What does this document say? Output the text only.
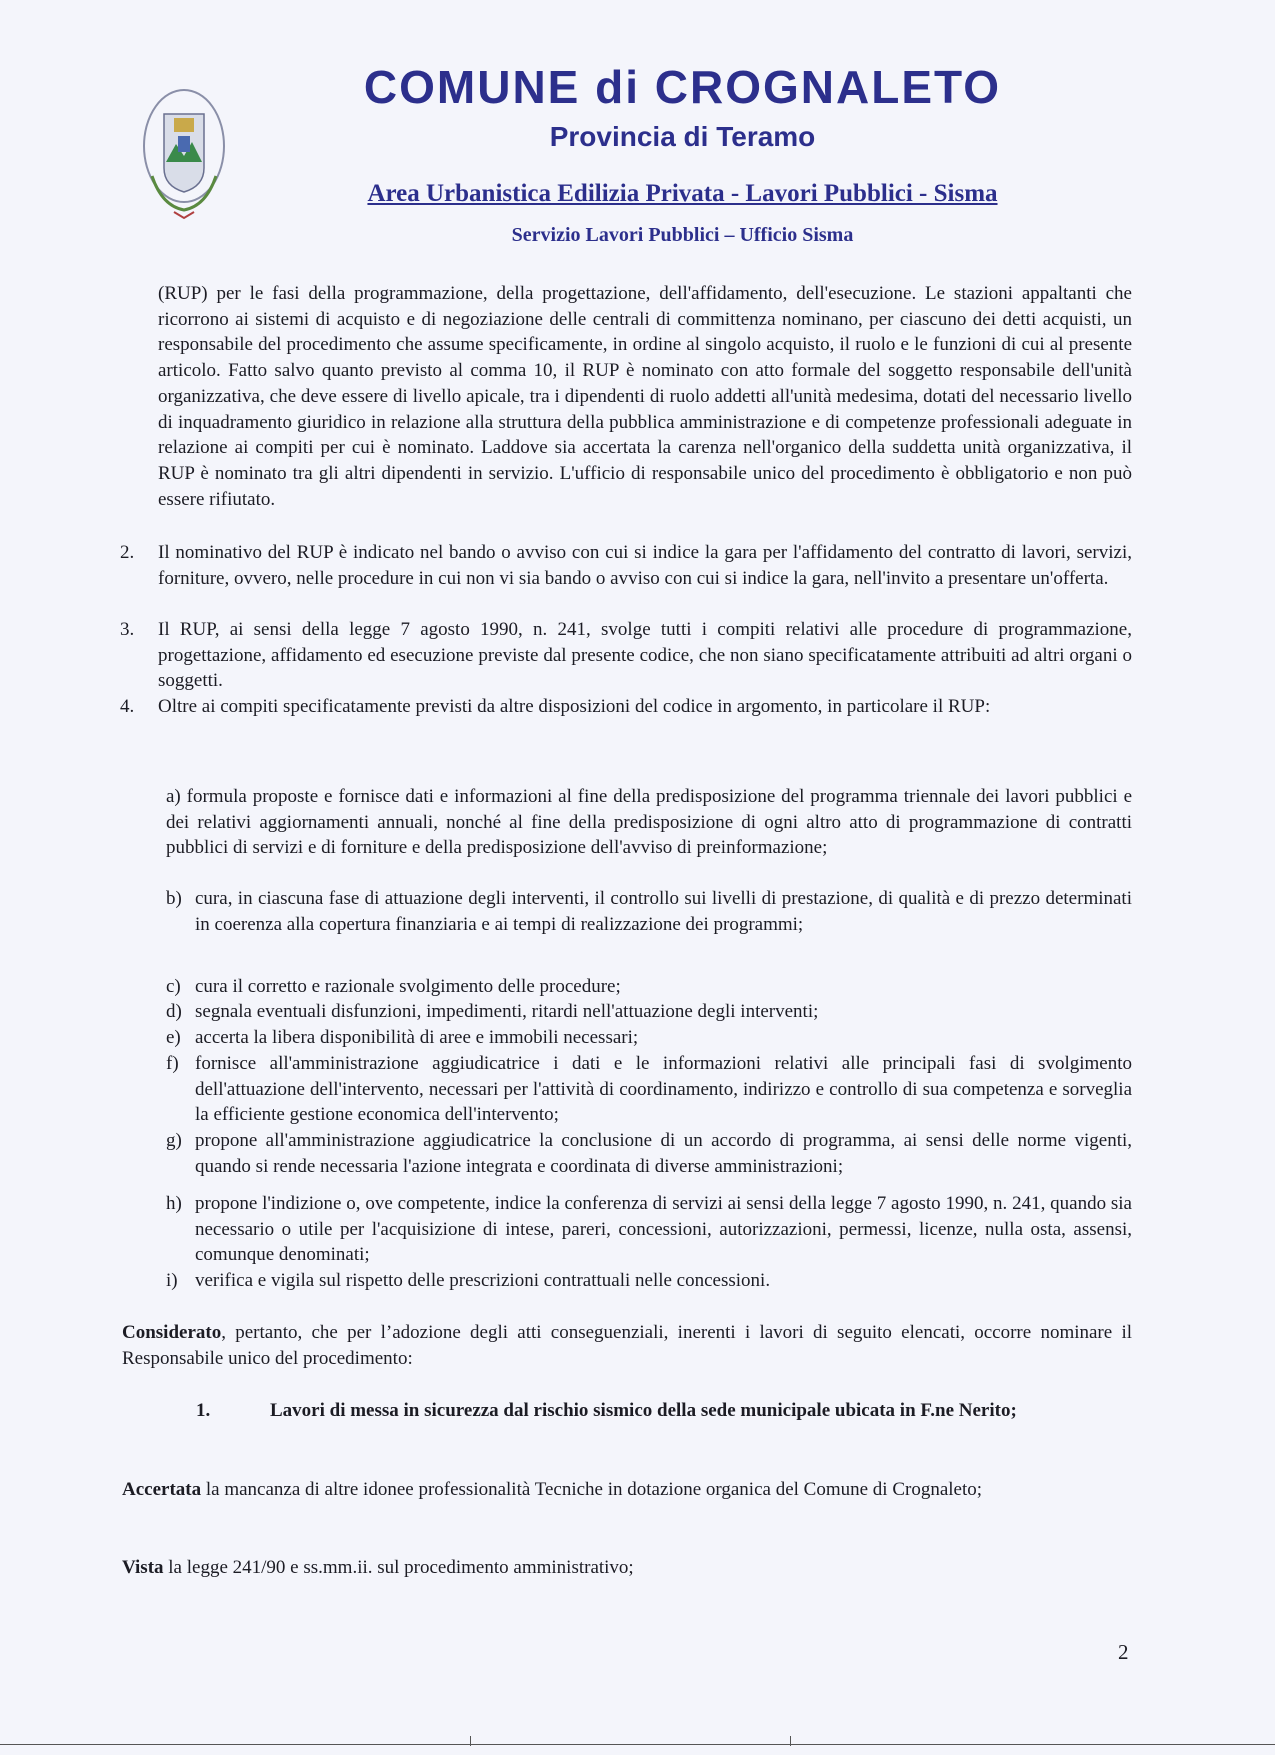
COMUNE di CROGNALETO
Provincia di Teramo
Area Urbanistica Edilizia Privata - Lavori Pubblici - Sisma
Servizio Lavori Pubblici – Ufficio Sisma
(RUP) per le fasi della programmazione, della progettazione, dell'affidamento, dell'esecuzione. Le stazioni appaltanti che ricorrono ai sistemi di acquisto e di negoziazione delle centrali di committenza nominano, per ciascuno dei detti acquisti, un responsabile del procedimento che assume specificamente, in ordine al singolo acquisto, il ruolo e le funzioni di cui al presente articolo. Fatto salvo quanto previsto al comma 10, il RUP è nominato con atto formale del soggetto responsabile dell'unità organizzativa, che deve essere di livello apicale, tra i dipendenti di ruolo addetti all'unità medesima, dotati del necessario livello di inquadramento giuridico in relazione alla struttura della pubblica amministrazione e di competenze professionali adeguate in relazione ai compiti per cui è nominato. Laddove sia accertata la carenza nell'organico della suddetta unità organizzativa, il RUP è nominato tra gli altri dipendenti in servizio. L'ufficio di responsabile unico del procedimento è obbligatorio e non può essere rifiutato.
2. Il nominativo del RUP è indicato nel bando o avviso con cui si indice la gara per l'affidamento del contratto di lavori, servizi, forniture, ovvero, nelle procedure in cui non vi sia bando o avviso con cui si indice la gara, nell'invito a presentare un'offerta.
3. Il RUP, ai sensi della legge 7 agosto 1990, n. 241, svolge tutti i compiti relativi alle procedure di programmazione, progettazione, affidamento ed esecuzione previste dal presente codice, che non siano specificatamente attribuiti ad altri organi o soggetti.
4. Oltre ai compiti specificatamente previsti da altre disposizioni del codice in argomento, in particolare il RUP:
a) formula proposte e fornisce dati e informazioni al fine della predisposizione del programma triennale dei lavori pubblici e dei relativi aggiornamenti annuali, nonché al fine della predisposizione di ogni altro atto di programmazione di contratti pubblici di servizi e di forniture e della predisposizione dell'avviso di preinformazione;
b) cura, in ciascuna fase di attuazione degli interventi, il controllo sui livelli di prestazione, di qualità e di prezzo determinati in coerenza alla copertura finanziaria e ai tempi di realizzazione dei programmi;
c) cura il corretto e razionale svolgimento delle procedure;
d) segnala eventuali disfunzioni, impedimenti, ritardi nell'attuazione degli interventi;
e) accerta la libera disponibilità di aree e immobili necessari;
f) fornisce all'amministrazione aggiudicatrice i dati e le informazioni relativi alle principali fasi di svolgimento dell'attuazione dell'intervento, necessari per l'attività di coordinamento, indirizzo e controllo di sua competenza e sorveglia la efficiente gestione economica dell'intervento;
g) propone all'amministrazione aggiudicatrice la conclusione di un accordo di programma, ai sensi delle norme vigenti, quando si rende necessaria l'azione integrata e coordinata di diverse amministrazioni;
h) propone l'indizione o, ove competente, indice la conferenza di servizi ai sensi della legge 7 agosto 1990, n. 241, quando sia necessario o utile per l'acquisizione di intese, pareri, concessioni, autorizzazioni, permessi, licenze, nulla osta, assensi, comunque denominati;
i) verifica e vigila sul rispetto delle prescrizioni contrattuali nelle concessioni.
Considerato, pertanto, che per l’adozione degli atti conseguenziali, inerenti i lavori di seguito elencati, occorre nominare il Responsabile unico del procedimento:
1.	Lavori di messa in sicurezza dal rischio sismico della sede municipale ubicata in F.ne Nerito;
Accertata la mancanza di altre idonee professionalità Tecniche in dotazione organica del Comune di Crognaleto;
Vista la legge 241/90 e ss.mm.ii. sul procedimento amministrativo;
2
